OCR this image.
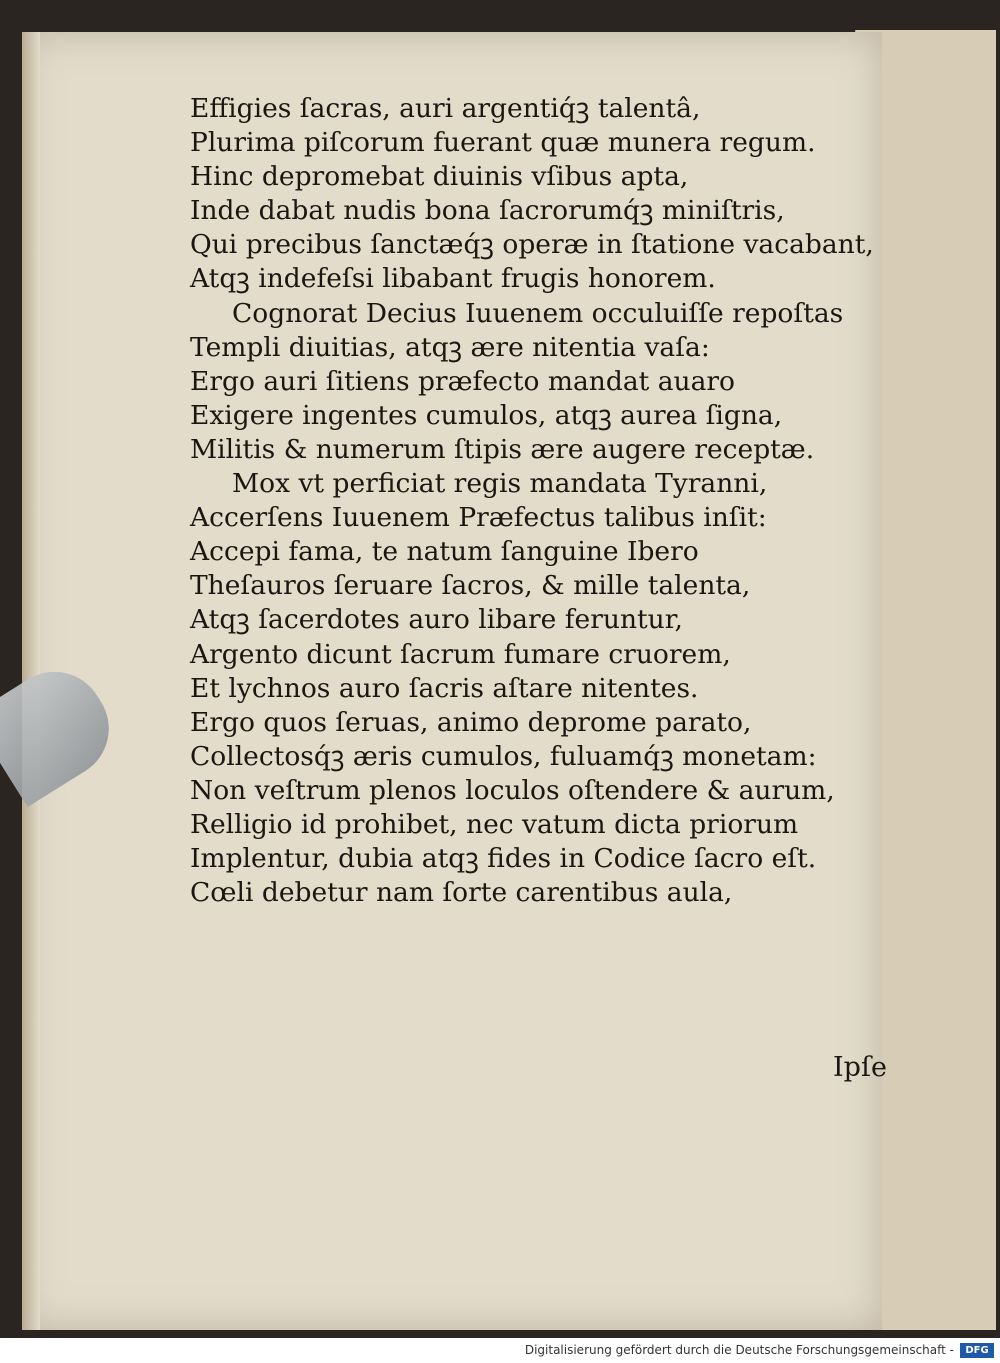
Effigies ſacras, auri argentiq́ꝫ talentâ,
Plurima piſcorum fuerant quæ munera regum.
Hinc depromebat diuinis vſibus apta,
Inde dabat nudis bona ſacrorumq́ꝫ miniſtris,
Qui precibus ſanctæq́ꝫ operæ in ſtatione vacabant,
Atqꝫ indefeſsi libabant frugis honorem.
Cognorat Decius Iuuenem occuluiſſe repoſtas
Templi diuitias, atqꝫ ære nitentia vaſa:
Ergo auri ſitiens præfecto mandat auaro
Exigere ingentes cumulos, atqꝫ aurea ſigna,
Militis & numerum ſtipis ære augere receptæ.
Mox vt perficiat regis mandata Tyranni,
Accerſens Iuuenem Præfectus talibus inſit:
Accepi fama, te natum ſanguine Ibero
Theſauros ſeruare ſacros, & mille talenta,
Atqꝫ ſacerdotes auro libare feruntur,
Argento dicunt ſacrum fumare cruorem,
Et lychnos auro ſacris aſtare nitentes.
Ergo quos ſeruas, animo deprome parato,
Collectosq́ꝫ æris cumulos, fuluamq́ꝫ monetam:
Non veſtrum plenos loculos oſtendere & aurum,
Relligio id prohibet, nec vatum dicta priorum
Implentur, dubia atqꝫ fides in Codice ſacro eſt.
Cœli debetur nam ſorte carentibus aula,
Ipſe
Digitalisierung gefördert durch die Deutsche Forschungsgemeinschaft -	DFG
